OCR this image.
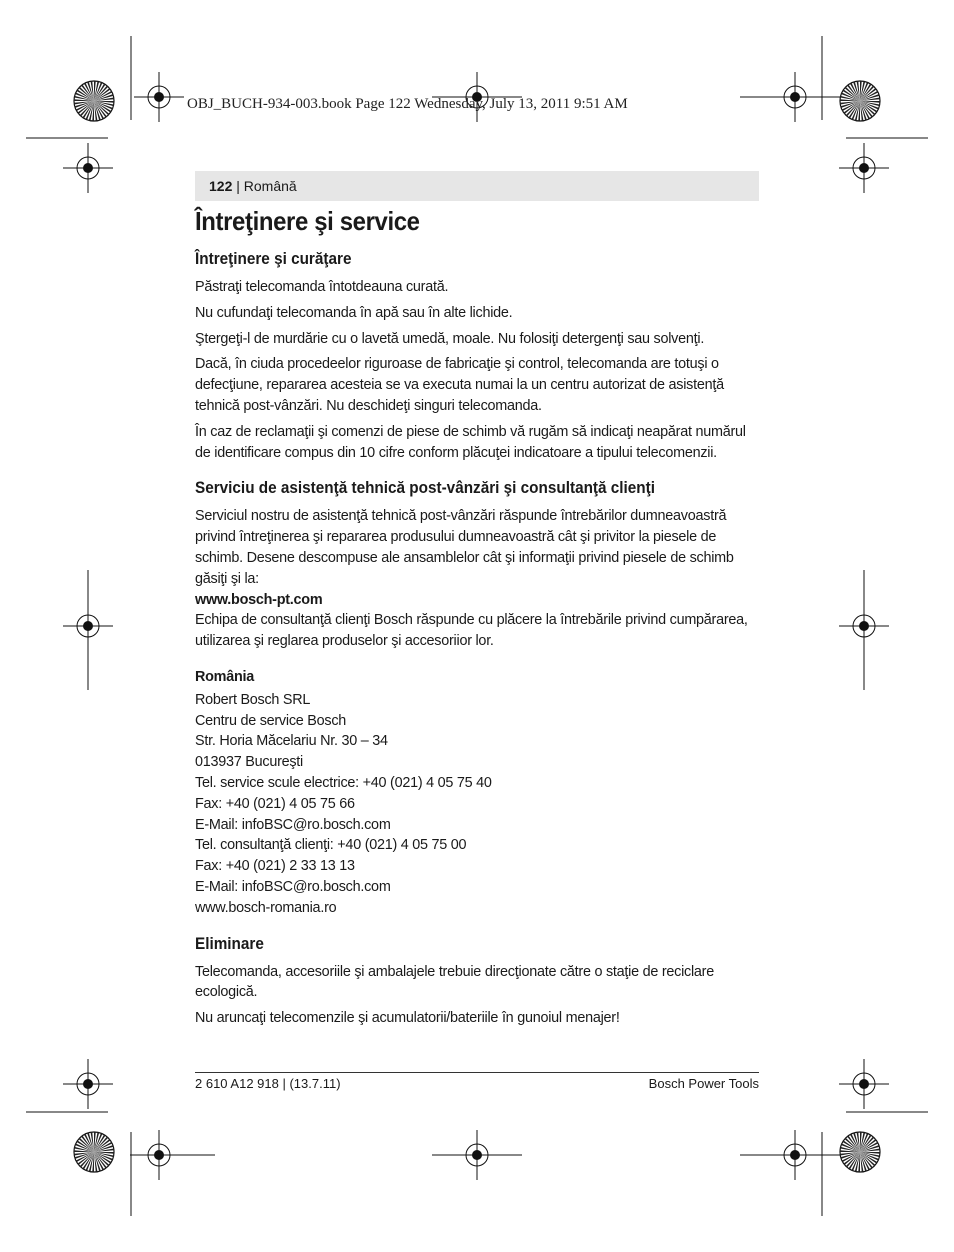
OBJ_BUCH-934-003.book Page 122 Wednesday, July 13, 2011 9:51 AM
122 | Română
Întreţinere şi service
Întreţinere şi curăţare

Păstraţi telecomanda întotdeauna curată.

Nu cufundaţi telecomanda în apă sau în alte lichide.

Ştergeţi-l de murdărie cu o lavetă umedă, moale. Nu folosiţi detergenţi sau solvenţi.

Dacă, în ciuda procedeelor riguroase de fabricaţie şi control, telecomanda are totuşi o defecţiune, repararea acesteia se va executa numai la un centru autorizat de asistenţă tehnică post-vânzări. Nu deschideţi singuri telecomanda.

În caz de reclamaţii şi comenzi de piese de schimb vă rugăm să indicaţi neapărat numărul de identificare compus din 10 cifre conform plăcuţei indicatoare a tipului telecomenzii.

Serviciu de asistenţă tehnică post-vânzări şi consultanţă clienţi

Serviciul nostru de asistenţă tehnică post-vânzări răspunde întrebărilor dumneavoastră privind întreţinerea şi repararea produsului dumneavoastră cât şi privitor la piesele de schimb. Desene descompuse ale ansamblelor cât şi informaţii privind piesele de schimb găsiţi şi la:

www.bosch-pt.com

Echipa de consultanţă clienţi Bosch răspunde cu plăcere la întrebările privind cumpărarea, utilizarea şi reglarea produselor şi accesoriior lor.

România

Robert Bosch SRL

Centru de service Bosch

Str. Horia Măcelariu Nr. 30 – 34

013937 Bucureşti

Tel. service scule electrice: +40 (021) 4 05 75 40

Fax: +40 (021) 4 05 75 66

E-Mail: infoBSC@ro.bosch.com

Tel. consultanţă clienţi: +40 (021) 4 05 75 00

Fax: +40 (021) 2 33 13 13

E-Mail: infoBSC@ro.bosch.com

www.bosch-romania.ro

Eliminare

Telecomanda, accesoriile şi ambalajele trebuie direcţionate către o staţie de reciclare ecologică.

Nu aruncaţi telecomenzile şi acumulatorii/bateriile în gunoiul menajer!

2 610 A12 918 | (13.7.11)	Bosch Power Tools
